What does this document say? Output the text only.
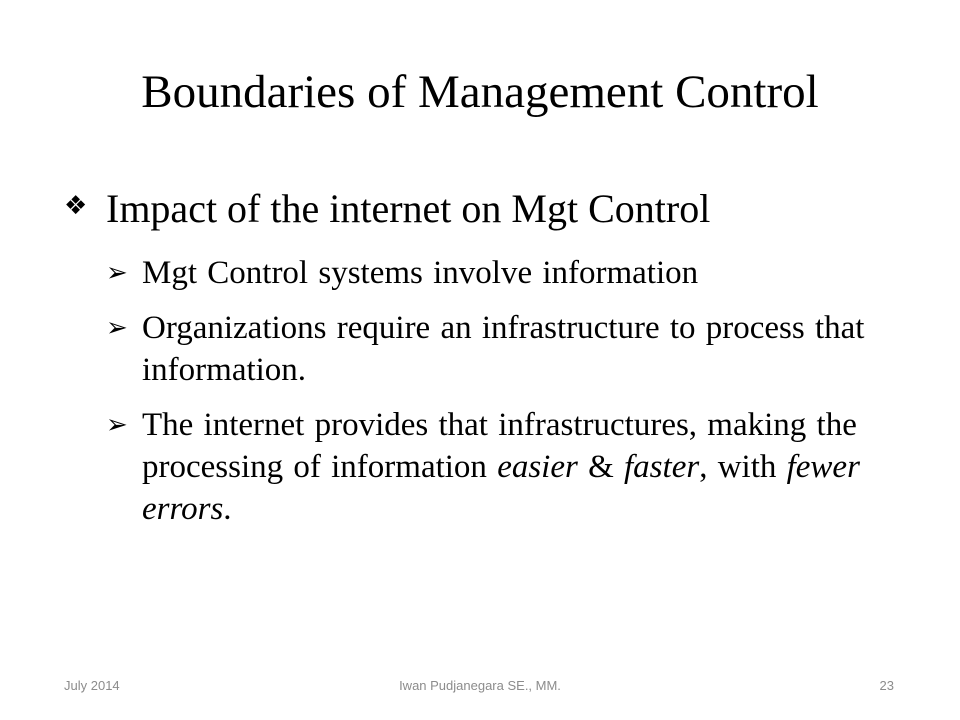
Boundaries of Management Control
❖ Impact of the internet on Mgt Control
➢ Mgt Control systems involve information
➢ Organizations require an infrastructure to process that information.
➢ The internet provides that infrastructures, making the processing of information easier & faster, with fewer errors.
July 2014	Iwan Pudjanegara SE., MM.	23
